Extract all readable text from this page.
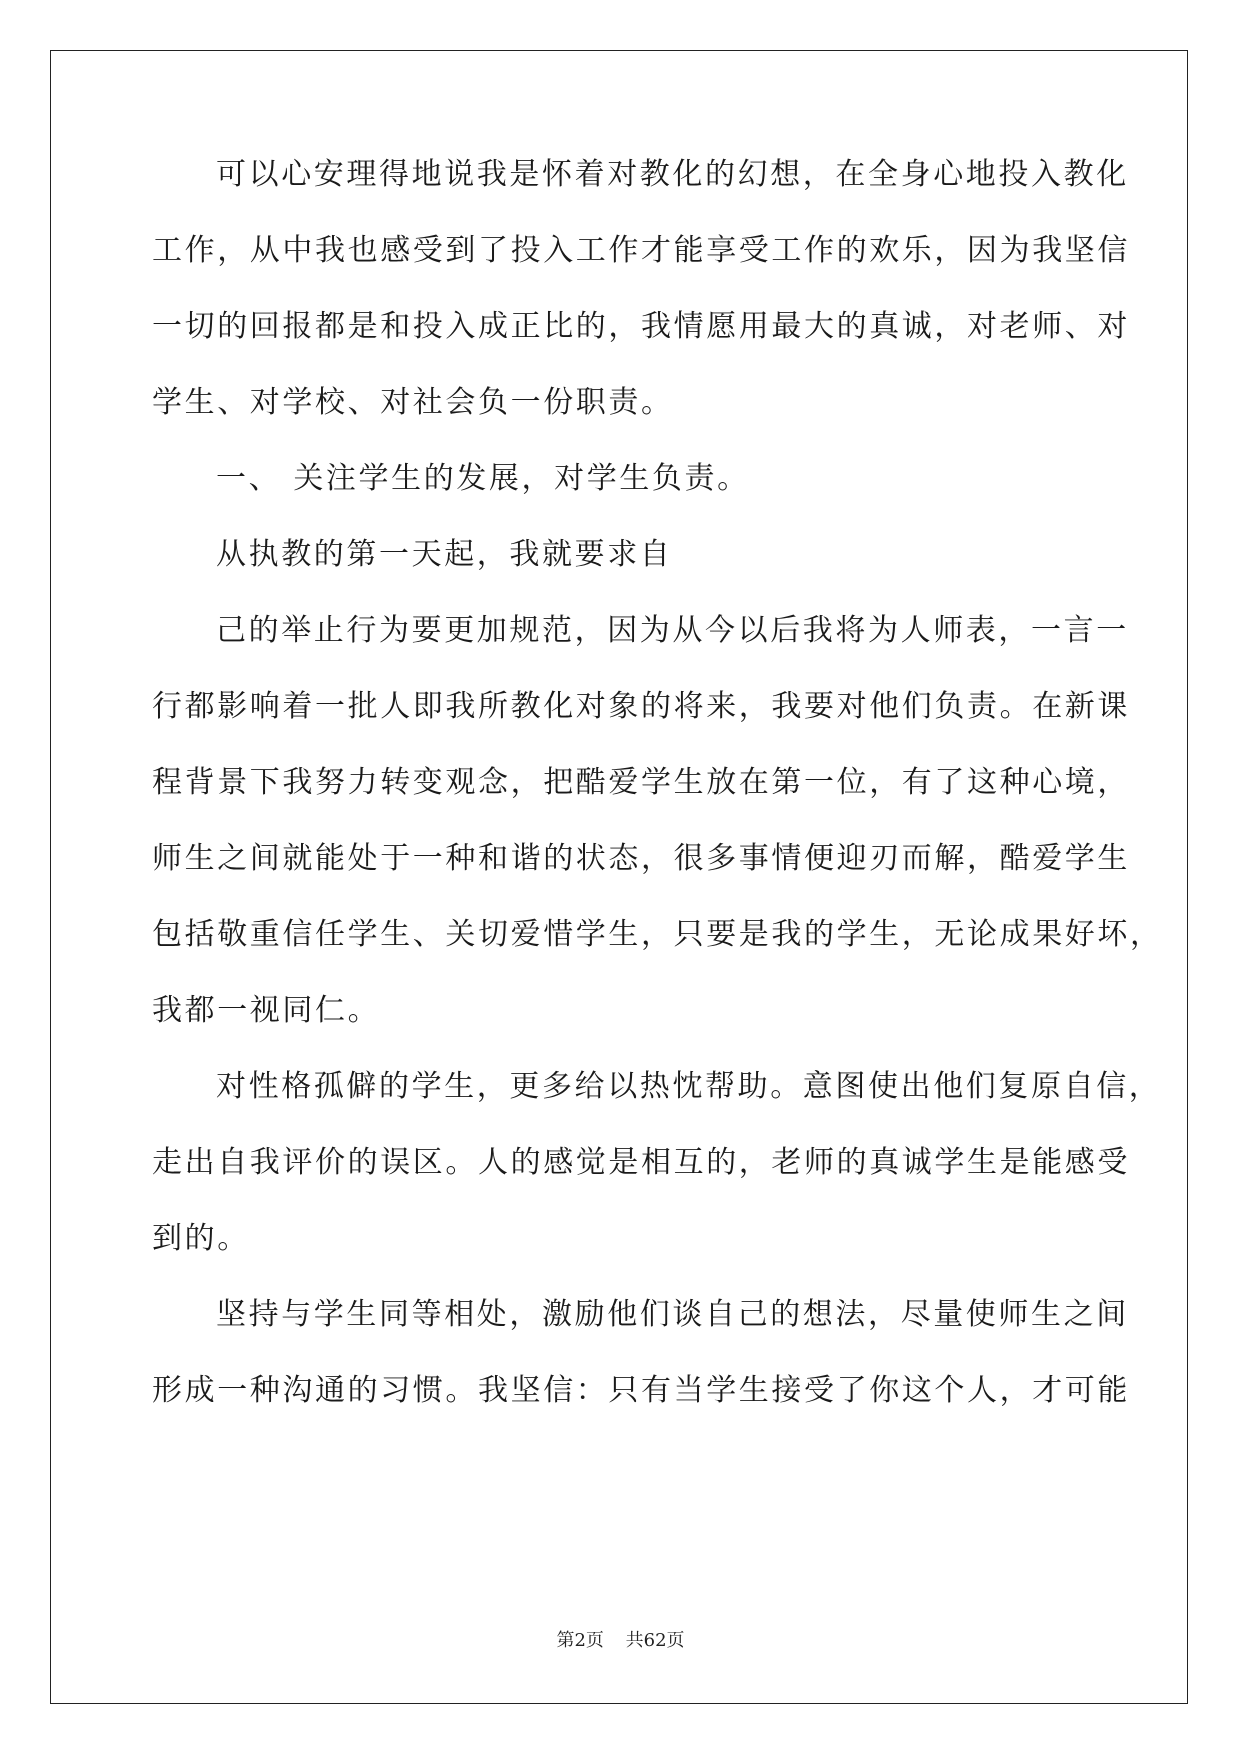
可以心安理得地说我是怀着对教化的幻想，在全身心地投入教化
工作，从中我也感受到了投入工作才能享受工作的欢乐，因为我坚信
一切的回报都是和投入成正比的，我情愿用最大的真诚，对老师、对
学生、对学校、对社会负一份职责。
一、 关注学生的发展，对学生负责。
从执教的第一天起，我就要求自
己的举止行为要更加规范，因为从今以后我将为人师表，一言一
行都影响着一批人即我所教化对象的将来，我要对他们负责。在新课
程背景下我努力转变观念，把酷爱学生放在第一位，有了这种心境，
师生之间就能处于一种和谐的状态，很多事情便迎刃而解，酷爱学生
包括敬重信任学生、关切爱惜学生，只要是我的学生，无论成果好坏，
我都一视同仁。
对性格孤僻的学生，更多给以热忱帮助。意图使出他们复原自信，
走出自我评价的误区。人的感觉是相互的，老师的真诚学生是能感受
到的。
坚持与学生同等相处，激励他们谈自己的想法，尽量使师生之间
形成一种沟通的习惯。我坚信：只有当学生接受了你这个人，才可能
第2页 共62页
